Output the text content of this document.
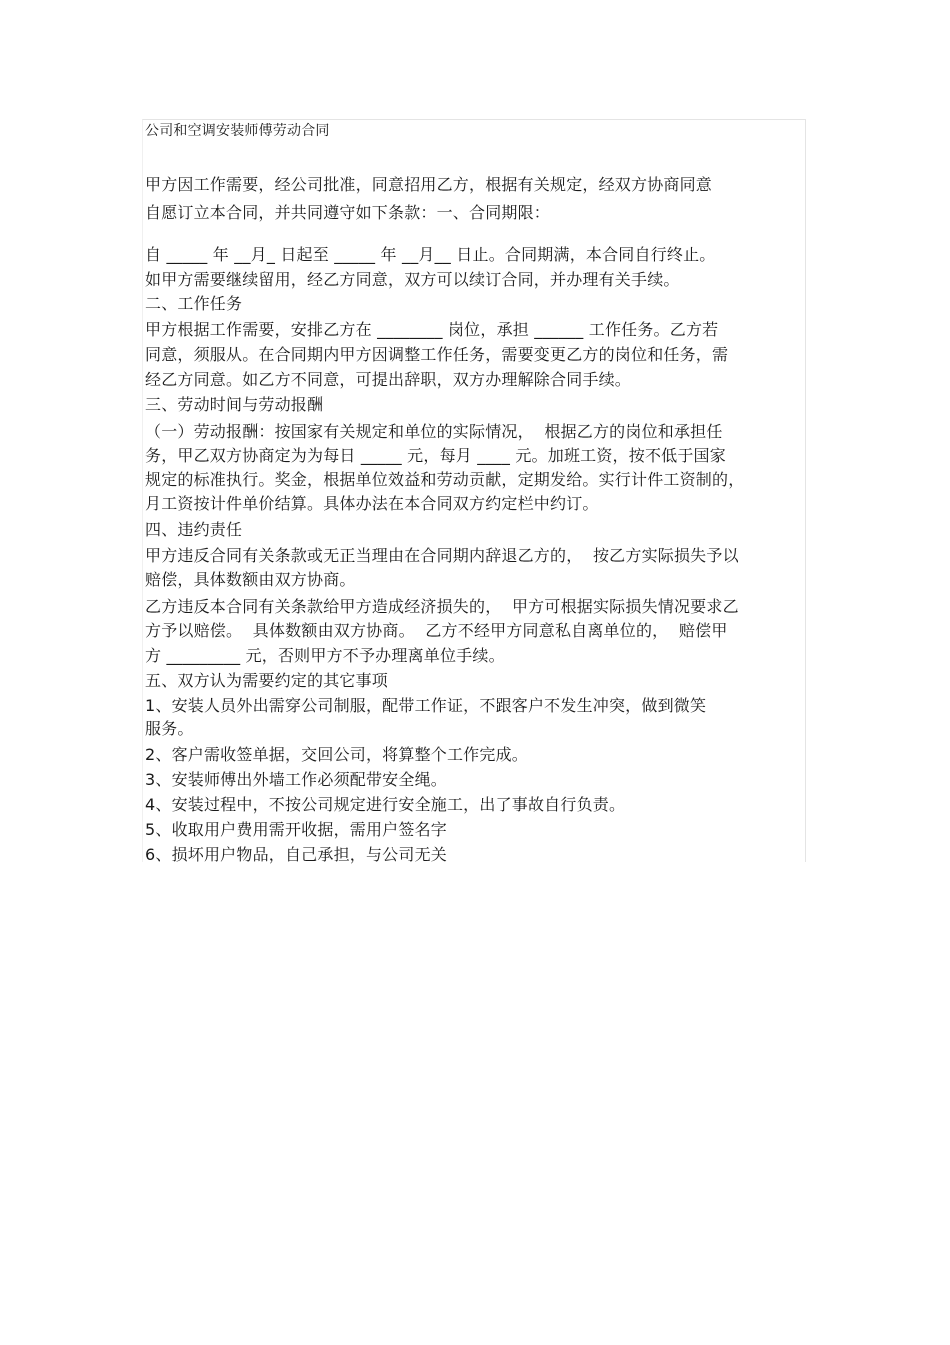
公司和空调安装师傅劳动合同
甲方因工作需要，经公司批准，同意招用乙方，根据有关规定，经双方协商同意
自愿订立本合同，并共同遵守如下条款：一、合同期限：
自 _____ 年 __月_ 日起至 _____ 年 __月__ 日止。合同期满，本合同自行终止。
如甲方需要继续留用，经乙方同意，双方可以续订合同，并办理有关手续。
二、工作任务
甲方根据工作需要，安排乙方在 ________ 岗位，承担 ______ 工作任务。乙方若
同意，须服从。在合同期内甲方因调整工作任务，需要变更乙方的岗位和任务，需
经乙方同意。如乙方不同意，可提出辞职，双方办理解除合同手续。
三、劳动时间与劳动报酬
（一）劳动报酬：按国家有关规定和单位的实际情况，  根据乙方的岗位和承担任
务，甲乙双方协商定为为每日 _____ 元，每月 ____ 元。加班工资，按不低于国家
规定的标准执行。奖金，根据单位效益和劳动贡献，定期发给。实行计件工资制的，
月工资按计件单价结算。具体办法在本合同双方约定栏中约订。
四、违约责任
甲方违反合同有关条款或无正当理由在合同期内辞退乙方的，  按乙方实际损失予以
赔偿，具体数额由双方协商。
乙方违反本合同有关条款给甲方造成经济损失的，  甲方可根据实际损失情况要求乙
方予以赔偿。  具体数额由双方协商。  乙方不经甲方同意私自离单位的，  赔偿甲
方 _________ 元，否则甲方不予办理离单位手续。
五、双方认为需要约定的其它事项
1、安装人员外出需穿公司制服，配带工作证，不跟客户不发生冲突，做到微笑
服务。
2、客户需收签单据，交回公司，将算整个工作完成。
3、安装师傅出外墙工作必须配带安全绳。
4、安装过程中，不按公司规定进行安全施工，出了事故自行负责。
5、收取用户费用需开收据，需用户签名字
6、损坏用户物品，自己承担，与公司无关
